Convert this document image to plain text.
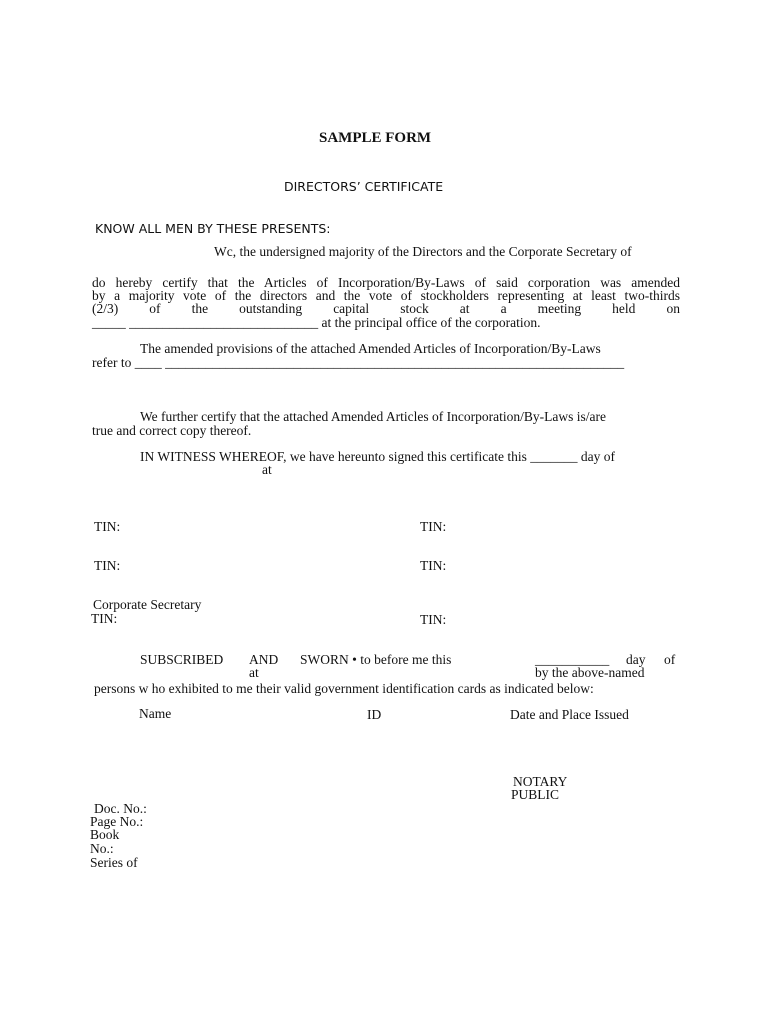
SAMPLE FORM
DIRECTORS’ CERTIFICATE
KNOW ALL MEN BY THESE PRESENTS:
Wc, the undersigned majority of the Directors and the Corporate Secretary of
do hereby certify that the Articles of Incorporation/By-Laws of said corporation was amended
by a majority vote of the directors and the vote of stockholders representing at least two-thirds
(2/3) of the outstanding capital stock at a meeting held on
_____ ____________________________ at the principal office of the corporation.
The amended provisions of the attached Amended Articles of Incorporation/By-Laws
refer to ____ ____________________________________________________________________
We further certify that the attached Amended Articles of Incorporation/By-Laws is/are
true and correct copy thereof.
IN WITNESS WHEREOF, we have hereunto signed this certificate this _______ day of
at
TIN:	TIN:
TIN:	TIN:
Corporate Secretary
TIN:	TIN:
SUBSCRIBED AND SWORN • to before me this	___________ day of
at	by the above-named
persons w ho exhibited to me their valid government identification cards as indicated below:
Name	ID	Date and Place Issued
NOTARY
PUBLIC
Doc. No.:
Page No.:
Book
No.:
Series of
